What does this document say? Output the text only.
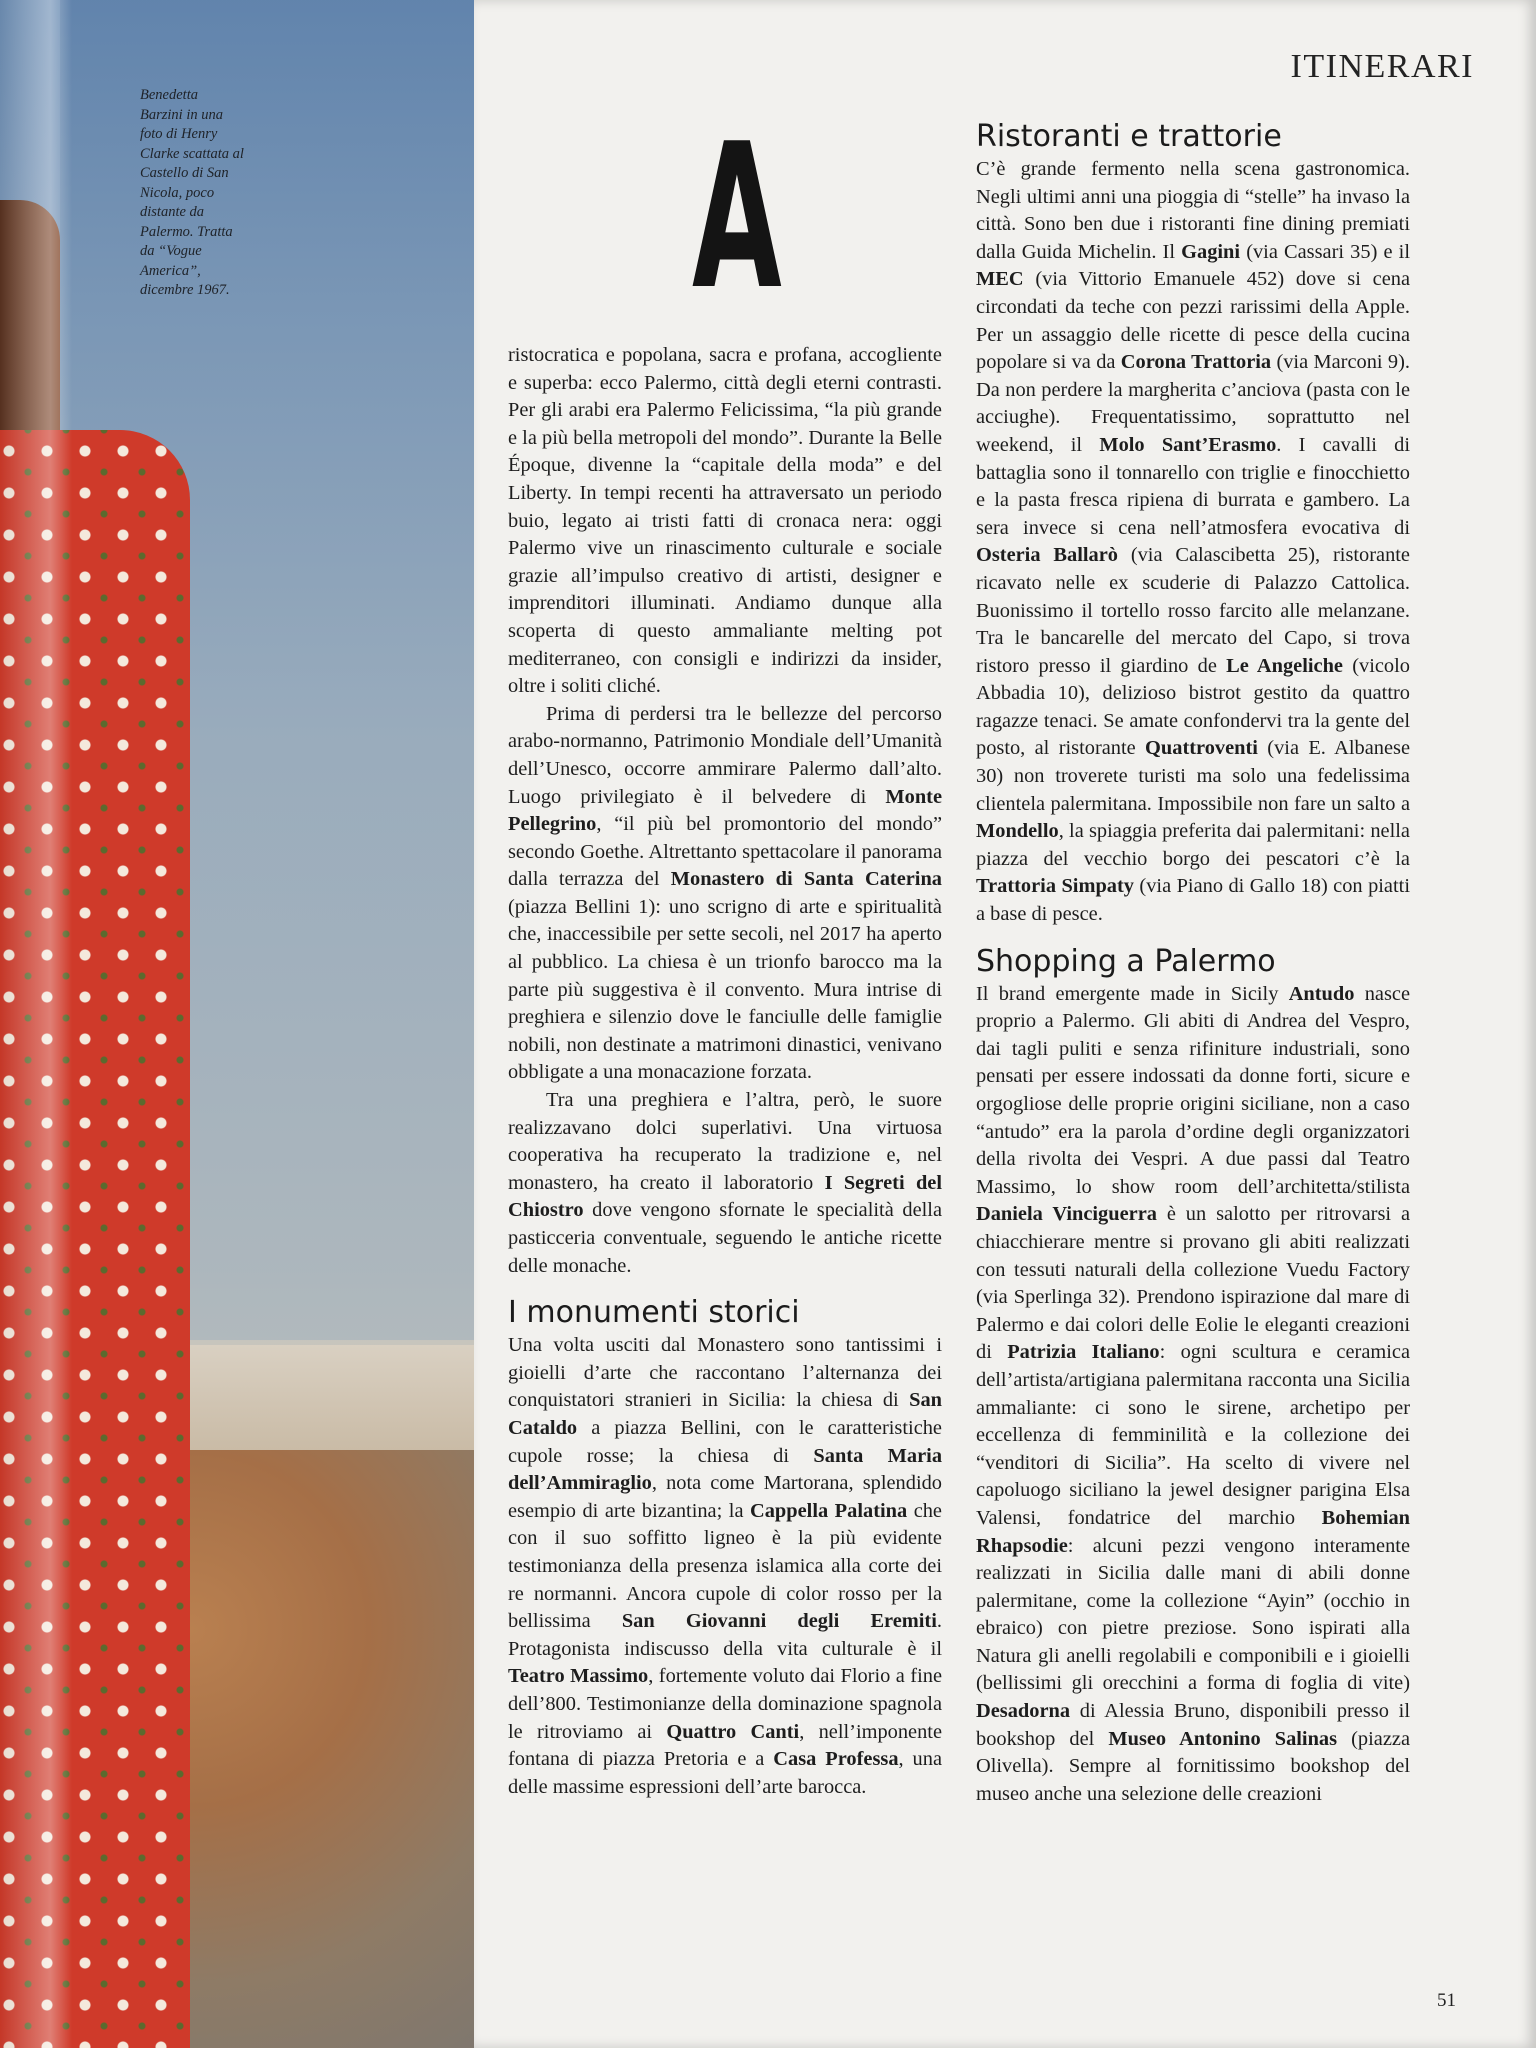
Benedetta
Barzini in una
foto di Henry
Clarke scattata al
Castello di San
Nicola, poco
distante da
Palermo. Tratta
da “Vogue
America”,
dicembre 1967.
ITINERARI
A

ristocratica e popolana, sacra e profana, accogliente e superba: ecco Palermo, città degli eterni contrasti. Per gli arabi era Palermo Felicissima, “la più grande e la più bella metropoli del mondo”. Durante la Belle Époque, divenne la “capitale della moda” e del Liberty. In tempi recenti ha attraversato un periodo buio, legato ai tristi fatti di cronaca nera: oggi Palermo vive un rinascimento culturale e sociale grazie all’impulso creativo di artisti, designer e imprenditori illuminati. Andiamo dunque alla scoperta di questo ammaliante melting pot mediterraneo, con consigli e indirizzi da insider, oltre i soliti cliché.

Prima di perdersi tra le bellezze del percorso arabo-normanno, Patrimonio Mondiale dell’Umanità dell’Unesco, occorre ammirare Palermo dall’alto. Luogo privilegiato è il belvedere di Monte Pellegrino, “il più bel promontorio del mondo” secondo Goethe. Altrettanto spettacolare il panorama dalla terrazza del Monastero di Santa Caterina (piazza Bellini 1): uno scrigno di arte e spiritualità che, inaccessibile per sette secoli, nel 2017 ha aperto al pubblico. La chiesa è un trionfo barocco ma la parte più suggestiva è il convento. Mura intrise di preghiera e silenzio dove le fanciulle delle famiglie nobili, non destinate a matrimoni dinastici, venivano obbligate a una monacazione forzata.

Tra una preghiera e l’altra, però, le suore realizzavano dolci superlativi. Una virtuosa cooperativa ha recuperato la tradizione e, nel monastero, ha creato il laboratorio I Segreti del Chiostro dove vengono sfornate le specialità della pasticceria conventuale, seguendo le antiche ricette delle monache.

I monumenti storici

Una volta usciti dal Monastero sono tantissimi i gioielli d’arte che raccontano l’alternanza dei conquistatori stranieri in Sicilia: la chiesa di San Cataldo a piazza Bellini, con le caratteristiche cupole rosse; la chiesa di Santa Maria dell’Ammiraglio, nota come Martorana, splendido esempio di arte bizantina; la Cappella Palatina che con il suo soffitto ligneo è la più evidente testimonianza della presenza islamica alla corte dei re normanni. Ancora cupole di color rosso per la bellissima San Giovanni degli Eremiti. Protagonista indiscusso della vita culturale è il Teatro Massimo, fortemente voluto dai Florio a fine dell’800. Testimonianze della dominazione spagnola le ritroviamo ai Quattro Canti, nell’imponente fontana di piazza Pretoria e a Casa Professa, una delle massime espressioni dell’arte barocca.

Ristoranti e trattorie

C’è grande fermento nella scena gastronomica. Negli ultimi anni una pioggia di “stelle” ha invaso la città. Sono ben due i ristoranti fine dining premiati dalla Guida Michelin. Il Gagini (via Cassari 35) e il MEC (via Vittorio Emanuele 452) dove si cena circondati da teche con pezzi rarissimi della Apple. Per un assaggio delle ricette di pesce della cucina popolare si va da Corona Trattoria (via Marconi 9). Da non perdere la margherita c’anciova (pasta con le acciughe). Frequentatissimo, soprattutto nel weekend, il Molo Sant’Erasmo. I cavalli di battaglia sono il tonnarello con triglie e finocchietto e la pasta fresca ripiena di burrata e gambero. La sera invece si cena nell’atmosfera evocativa di Osteria Ballarò (via Calascibetta 25), ristorante ricavato nelle ex scuderie di Palazzo Cattolica. Buonissimo il tortello rosso farcito alle melanzane. Tra le bancarelle del mercato del Capo, si trova ristoro presso il giardino de Le Angeliche (vicolo Abbadia 10), delizioso bistrot gestito da quattro ragazze tenaci. Se amate confondervi tra la gente del posto, al ristorante Quattroventi (via E. Albanese 30) non troverete turisti ma solo una fedelissima clientela palermitana. Impossibile non fare un salto a Mondello, la spiaggia preferita dai palermitani: nella piazza del vecchio borgo dei pescatori c’è la Trattoria Simpaty (via Piano di Gallo 18) con piatti a base di pesce.

Shopping a Palermo

Il brand emergente made in Sicily Antudo nasce proprio a Palermo. Gli abiti di Andrea del Vespro, dai tagli puliti e senza rifiniture industriali, sono pensati per essere indossati da donne forti, sicure e orgogliose delle proprie origini siciliane, non a caso “antudo” era la parola d’ordine degli organizzatori della rivolta dei Vespri. A due passi dal Teatro Massimo, lo show room dell’architetta/stilista Daniela Vinciguerra è un salotto per ritrovarsi a chiacchierare mentre si provano gli abiti realizzati con tessuti naturali della collezione Vuedu Factory (via Sperlinga 32). Prendono ispirazione dal mare di Palermo e dai colori delle Eolie le eleganti creazioni di Patrizia Italiano: ogni scultura e ceramica dell’artista/artigiana palermitana racconta una Sicilia ammaliante: ci sono le sirene, archetipo per eccellenza di femminilità e la collezione dei “venditori di Sicilia”. Ha scelto di vivere nel capoluogo siciliano la jewel designer parigina Elsa Valensi, fondatrice del marchio Bohemian Rhapsodie: alcuni pezzi vengono interamente realizzati in Sicilia dalle mani di abili donne palermitane, come la collezione “Ayin” (occhio in ebraico) con pietre preziose. Sono ispirati alla Natura gli anelli regolabili e componibili e i gioielli (bellissimi gli orecchini a forma di foglia di vite) Desadorna di Alessia Bruno, disponibili presso il bookshop del Museo Antonino Salinas (piazza Olivella). Sempre al fornitissimo bookshop del museo anche una selezione delle creazioni

51
